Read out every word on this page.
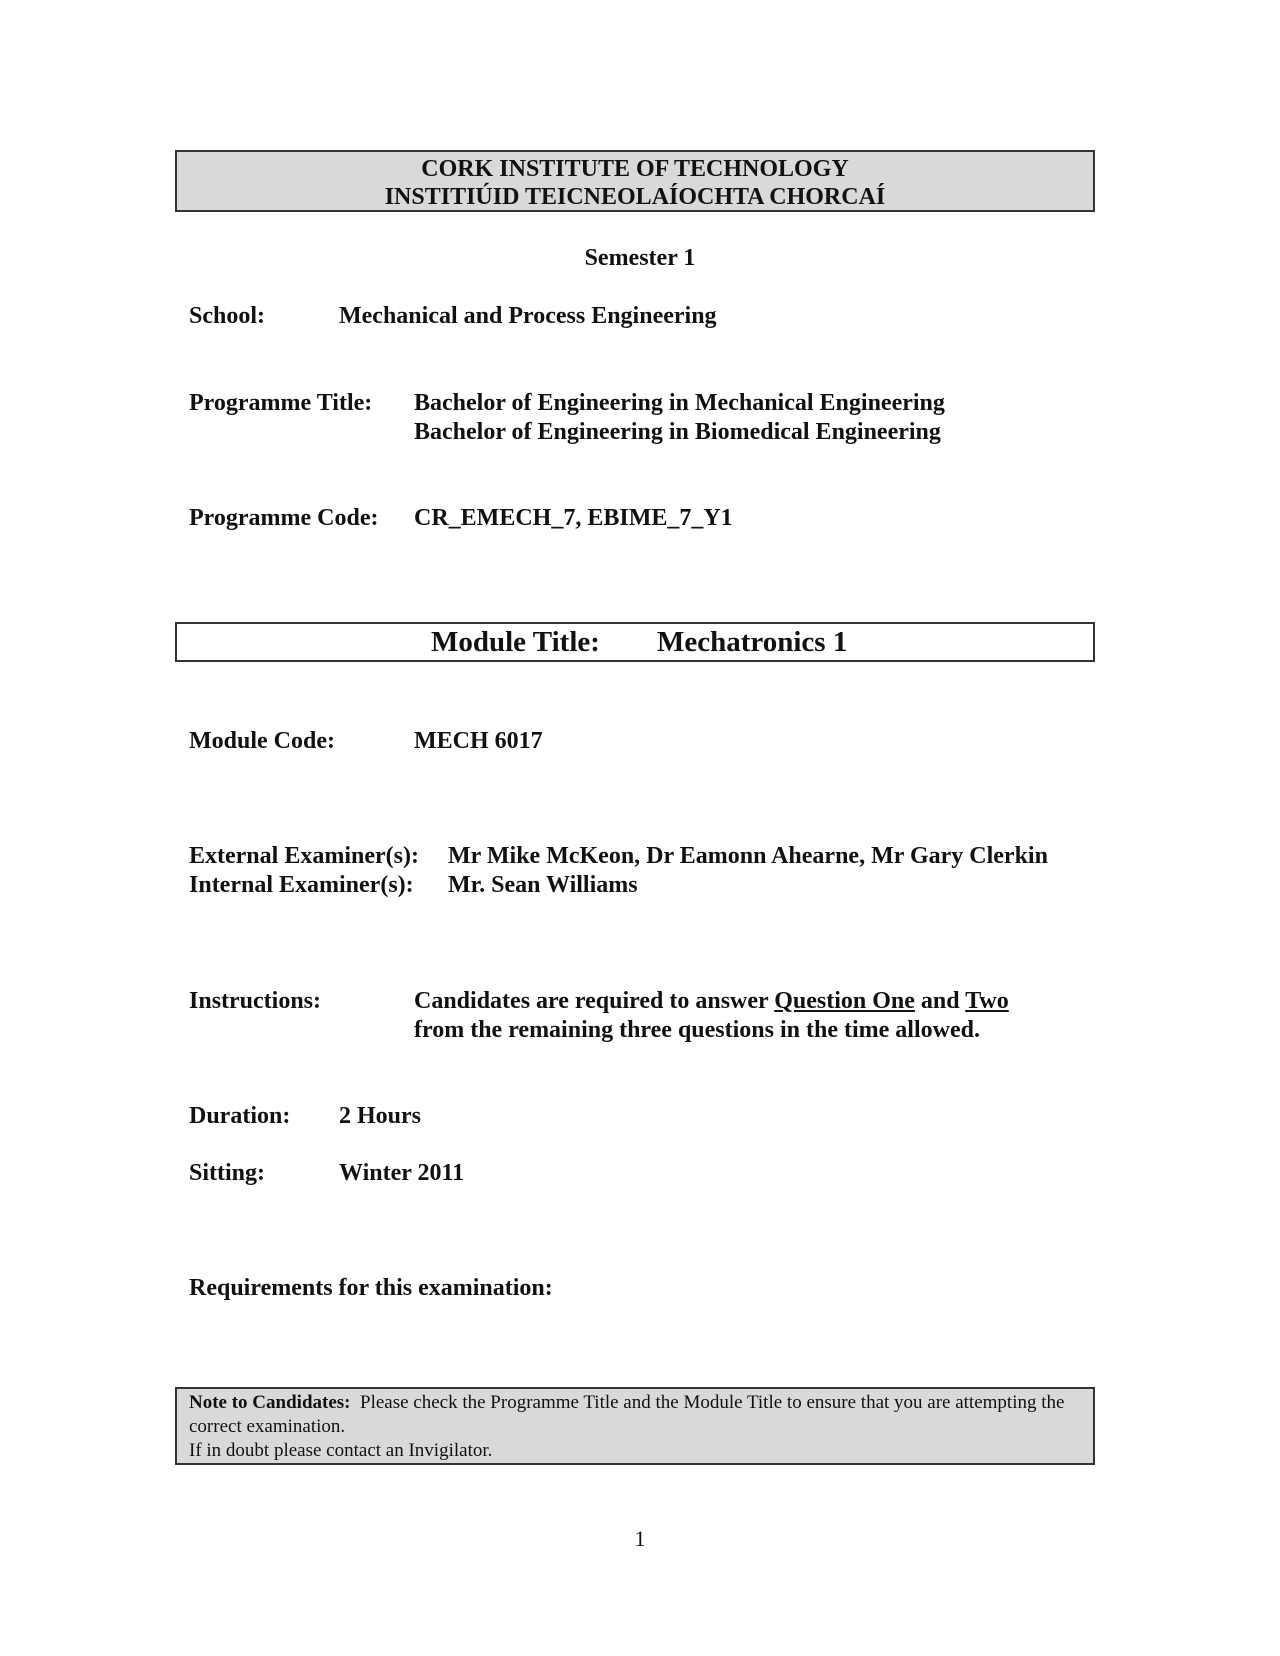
CORK INSTITUTE OF TECHNOLOGY
INSTITIÚID TEICNEOLAÍOCHTA CHORCAÍ
Semester 1
School:	Mechanical and Process Engineering
Programme Title: Bachelor of Engineering in Mechanical Engineering
Bachelor of Engineering in Biomedical Engineering
Programme Code: CR_EMECH_7, EBIME_7_Y1
Module Title: Mechatronics 1
Module Code:	MECH 6017
External Examiner(s): Mr Mike McKeon, Dr Eamonn Ahearne, Mr Gary Clerkin
Internal Examiner(s): Mr. Sean Williams
Instructions:	Candidates are required to answer Question One and Two
from the remaining three questions in the time allowed.
Duration: 2 Hours
Sitting:	Winter 2011
Requirements for this examination:
Note to Candidates: Please check the Programme Title and the Module Title to ensure that you are attempting the correct examination.
If in doubt please contact an Invigilator.
1
